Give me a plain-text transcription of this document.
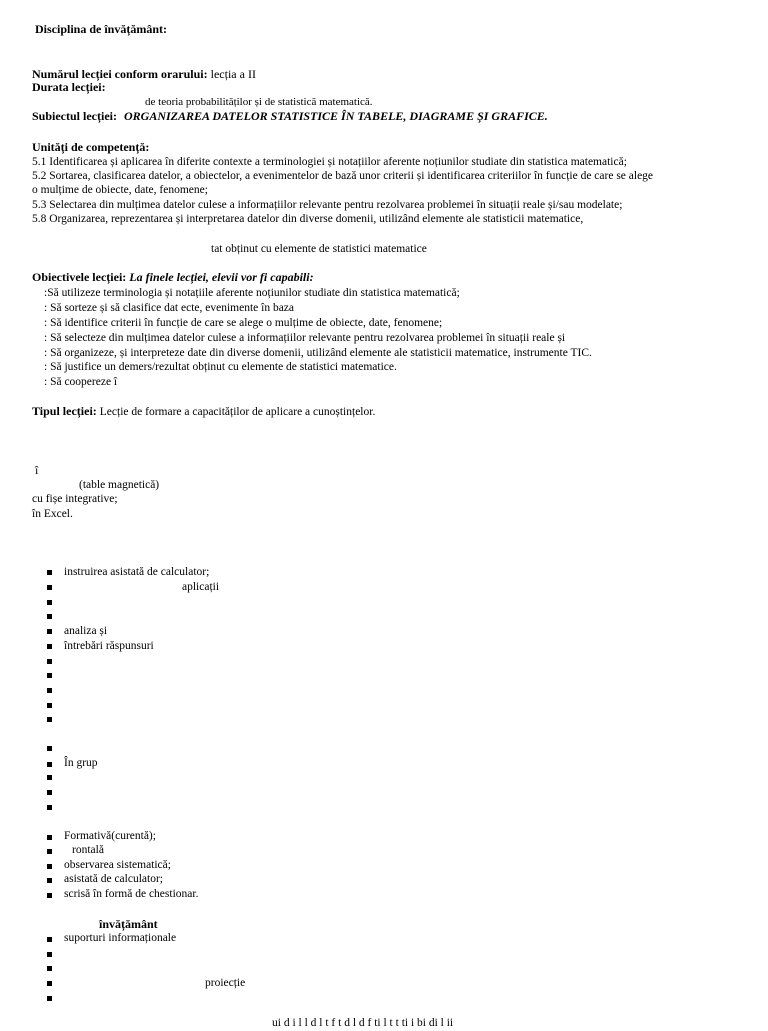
Disciplina de învățământ:
Numărul lecției conform orarului: lecția a II
Durata lecției:
de teoria probabilităților și de statistică matematică.
Subiectul lecției: ORGANIZAREA DATELOR STATISTICE ÎN TABELE, DIAGRAME ȘI GRAFICE.
Unități de competență:
5.1 Identificarea și aplicarea în diferite contexte a terminologiei și notațiilor aferente noțiunilor studiate din statistica matematică;
5.2 Sortarea, clasificarea datelor, a obiectelor, a evenimentelor de bază unor criterii și identificarea criteriilor în funcție de care se alege
o mulțime de obiecte, date, fenomene;
5.3 Selectarea din mulțimea datelor culese a informațiilor relevante pentru rezolvarea problemei în situații reale și/sau modelate;
5.8 Organizarea, reprezentarea și interpretarea datelor din diverse domenii, utilizând elemente ale statisticii matematice,
tat obținut cu elemente de statistici matematice
Obiectivele lecției: La finele lecției, elevii vor fi capabili:
:Să utilizeze terminologia și notațiile aferente noțiunilor studiate din statistica matematică;
: Să sorteze și să clasifice dat ecte, evenimente în baza
: Să identifice criterii în funcție de care se alege o mulțime de obiecte, date, fenomene;
: Să selecteze din mulțimea datelor culese a informațiilor relevante pentru rezolvarea problemei în situații reale și
: Să organizeze, și interpreteze date din diverse domenii, utilizând elemente ale statisticii matematice, instrumente TIC.
: Să justifice un demers/rezultat obținut cu elemente de statistici matematice.
: Să coopereze î
Tipul lecției: Lecție de formare a capacităților de aplicare a cunoștințelor.
î
(table magnetică)
cu fișe integrative;
în Excel.
instruirea asistată de calculator;
aplicații
analiza și
întrebări răspunsuri
În grup
Formativă(curentă);
rontală
observarea sistematică;
asistată de calculator;
scrisă în formă de chestionar.
învățământ
suporturi informaționale
proiecție
ui d i l l d l t f t d l d f ti l t t ti i bi di l ii
